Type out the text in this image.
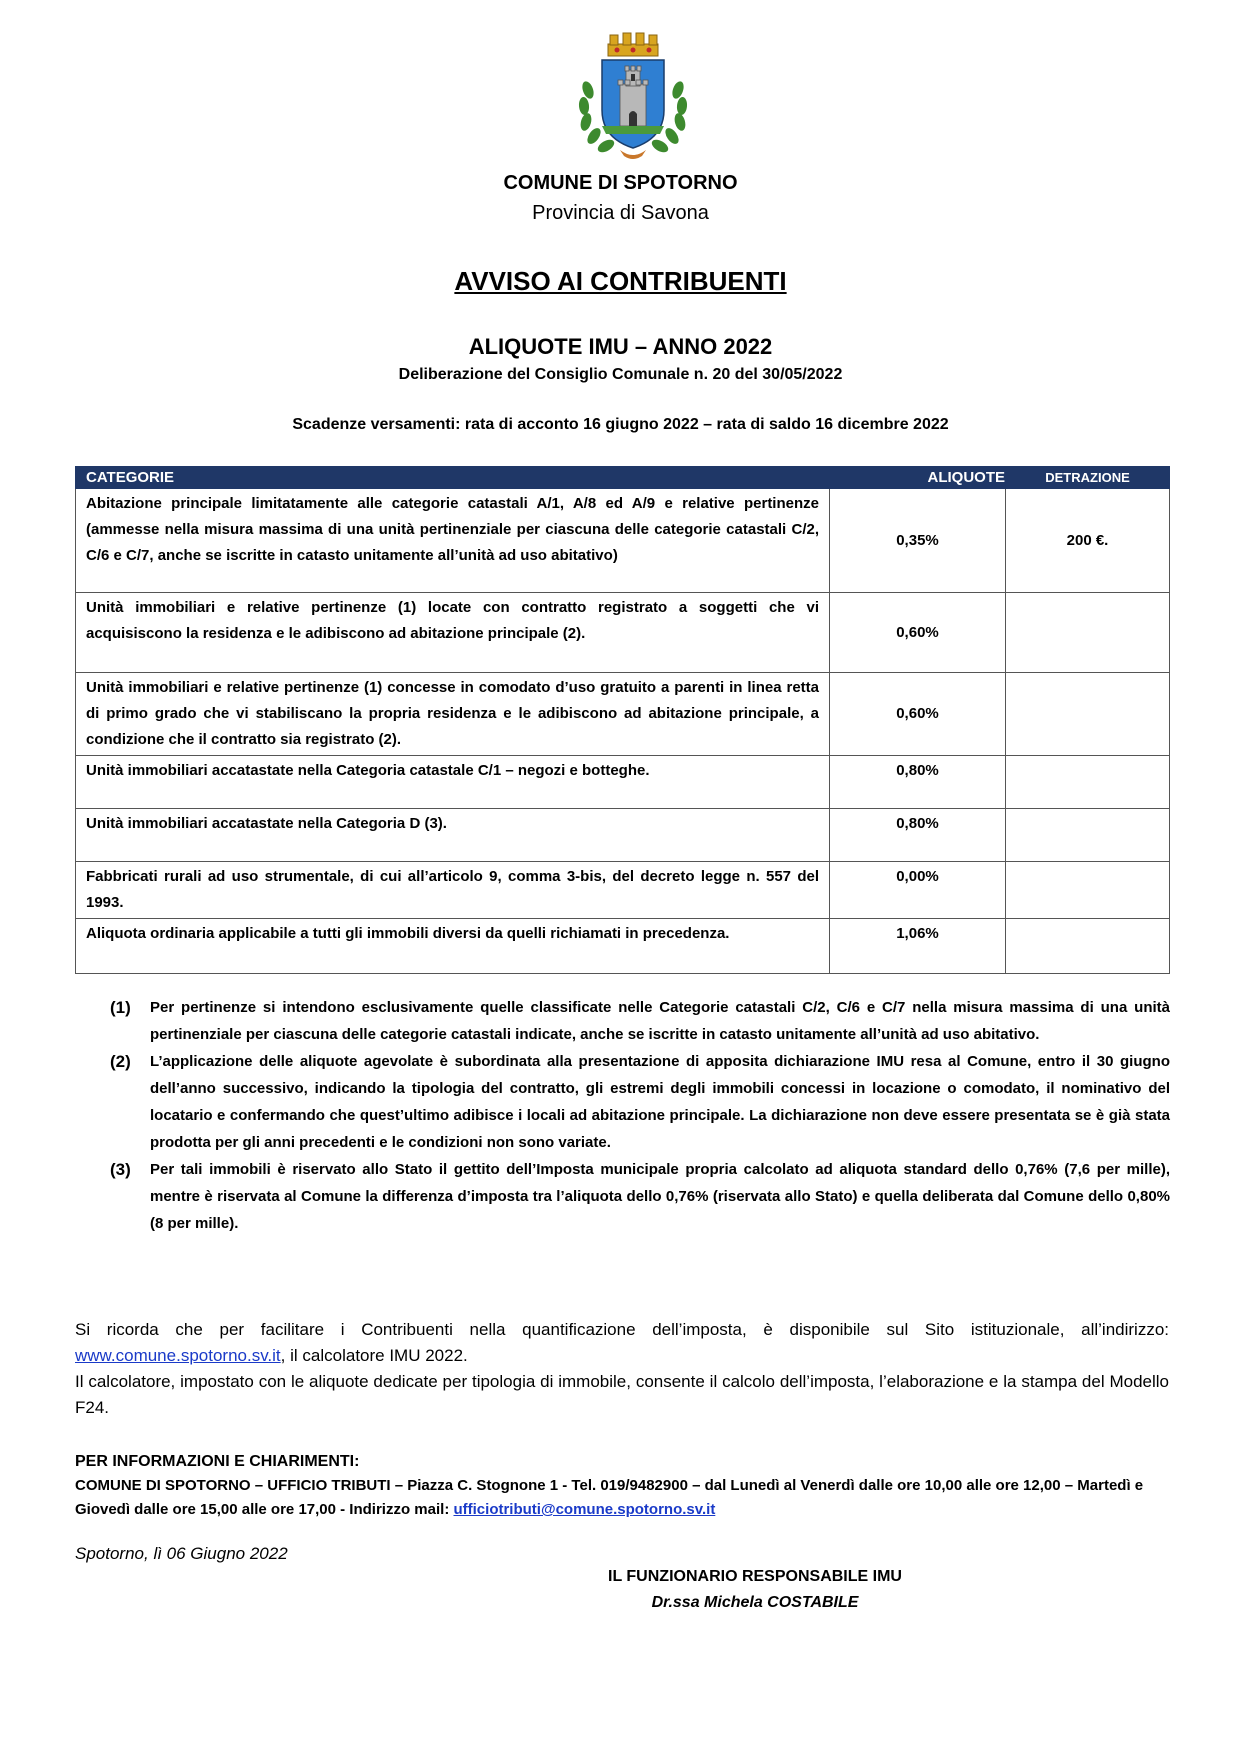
COMUNE DI SPOTORNO
Provincia di Savona
AVVISO AI CONTRIBUENTI
ALIQUOTE IMU – ANNO 2022
Deliberazione del Consiglio Comunale n. 20 del 30/05/2022
Scadenze versamenti: rata di acconto 16 giugno 2022 – rata di saldo 16 dicembre 2022
CATEGORIE	ALIQUOTE	DETRAZIONE
Abitazione principale limitatamente alle categorie catastali A/1, A/8 ed A/9 e relative pertinenze (ammesse nella misura massima di una unità pertinenziale per ciascuna delle categorie catastali C/2, C/6 e C/7, anche se iscritte in catasto unitamente all’unità ad uso abitativo)	0,35%	200 €.
Unità immobiliari e relative pertinenze (1) locate con contratto registrato a soggetti che vi acquisiscono la residenza e le adibiscono ad abitazione principale (2).	0,60%	
Unità immobiliari e relative pertinenze (1) concesse in comodato d’uso gratuito a parenti in linea retta di primo grado che vi stabiliscano la propria residenza e le adibiscono ad abitazione principale, a condizione che il contratto sia registrato (2).	0,60%	
Unità immobiliari accatastate nella Categoria catastale C/1 – negozi e botteghe.	0,80%	
Unità immobiliari accatastate nella Categoria D (3).	0,80%	
Fabbricati rurali ad uso strumentale, di cui all’articolo 9, comma 3-bis, del decreto legge n. 557 del 1993.	0,00%	
Aliquota ordinaria applicabile a tutti gli immobili diversi da quelli richiamati in precedenza.	1,06%	
(1)	Per pertinenze si intendono esclusivamente quelle classificate nelle Categorie catastali C/2, C/6 e C/7 nella misura massima di una unità pertinenziale per ciascuna delle categorie catastali indicate, anche se iscritte in catasto unitamente all’unità ad uso abitativo.
(2)	L’applicazione delle aliquote agevolate è subordinata alla presentazione di apposita dichiarazione IMU resa al Comune, entro il 30 giugno dell’anno successivo, indicando la tipologia del contratto, gli estremi degli immobili concessi in locazione o comodato, il nominativo del locatario e confermando che quest’ultimo adibisce i locali ad abitazione principale. La dichiarazione non deve essere presentata se è già stata prodotta per gli anni precedenti e le condizioni non sono variate.
(3)	Per tali immobili è riservato allo Stato il gettito dell’Imposta municipale propria calcolato ad aliquota standard dello 0,76% (7,6 per mille), mentre è riservata al Comune la differenza d’imposta tra l’aliquota dello 0,76% (riservata allo Stato) e quella deliberata dal Comune dello 0,80% (8 per mille).
Si ricorda che per facilitare i Contribuenti nella quantificazione dell’imposta, è disponibile sul Sito istituzionale, all’indirizzo: www.comune.spotorno.sv.it, il calcolatore IMU 2022.
Il calcolatore, impostato con le aliquote dedicate per tipologia di immobile, consente il calcolo dell’imposta, l’elaborazione e la stampa del Modello F24.
PER INFORMAZIONI E CHIARIMENTI:
COMUNE DI SPOTORNO – UFFICIO TRIBUTI – Piazza C. Stognone 1 - Tel. 019/9482900 – dal Lunedì al Venerdì dalle ore 10,00 alle ore 12,00 – Martedì e Giovedì dalle ore 15,00 alle ore 17,00 - Indirizzo mail: ufficiotributi@comune.spotorno.sv.it
Spotorno, lì 06 Giugno 2022
IL FUNZIONARIO RESPONSABILE IMU
Dr.ssa Michela COSTABILE
